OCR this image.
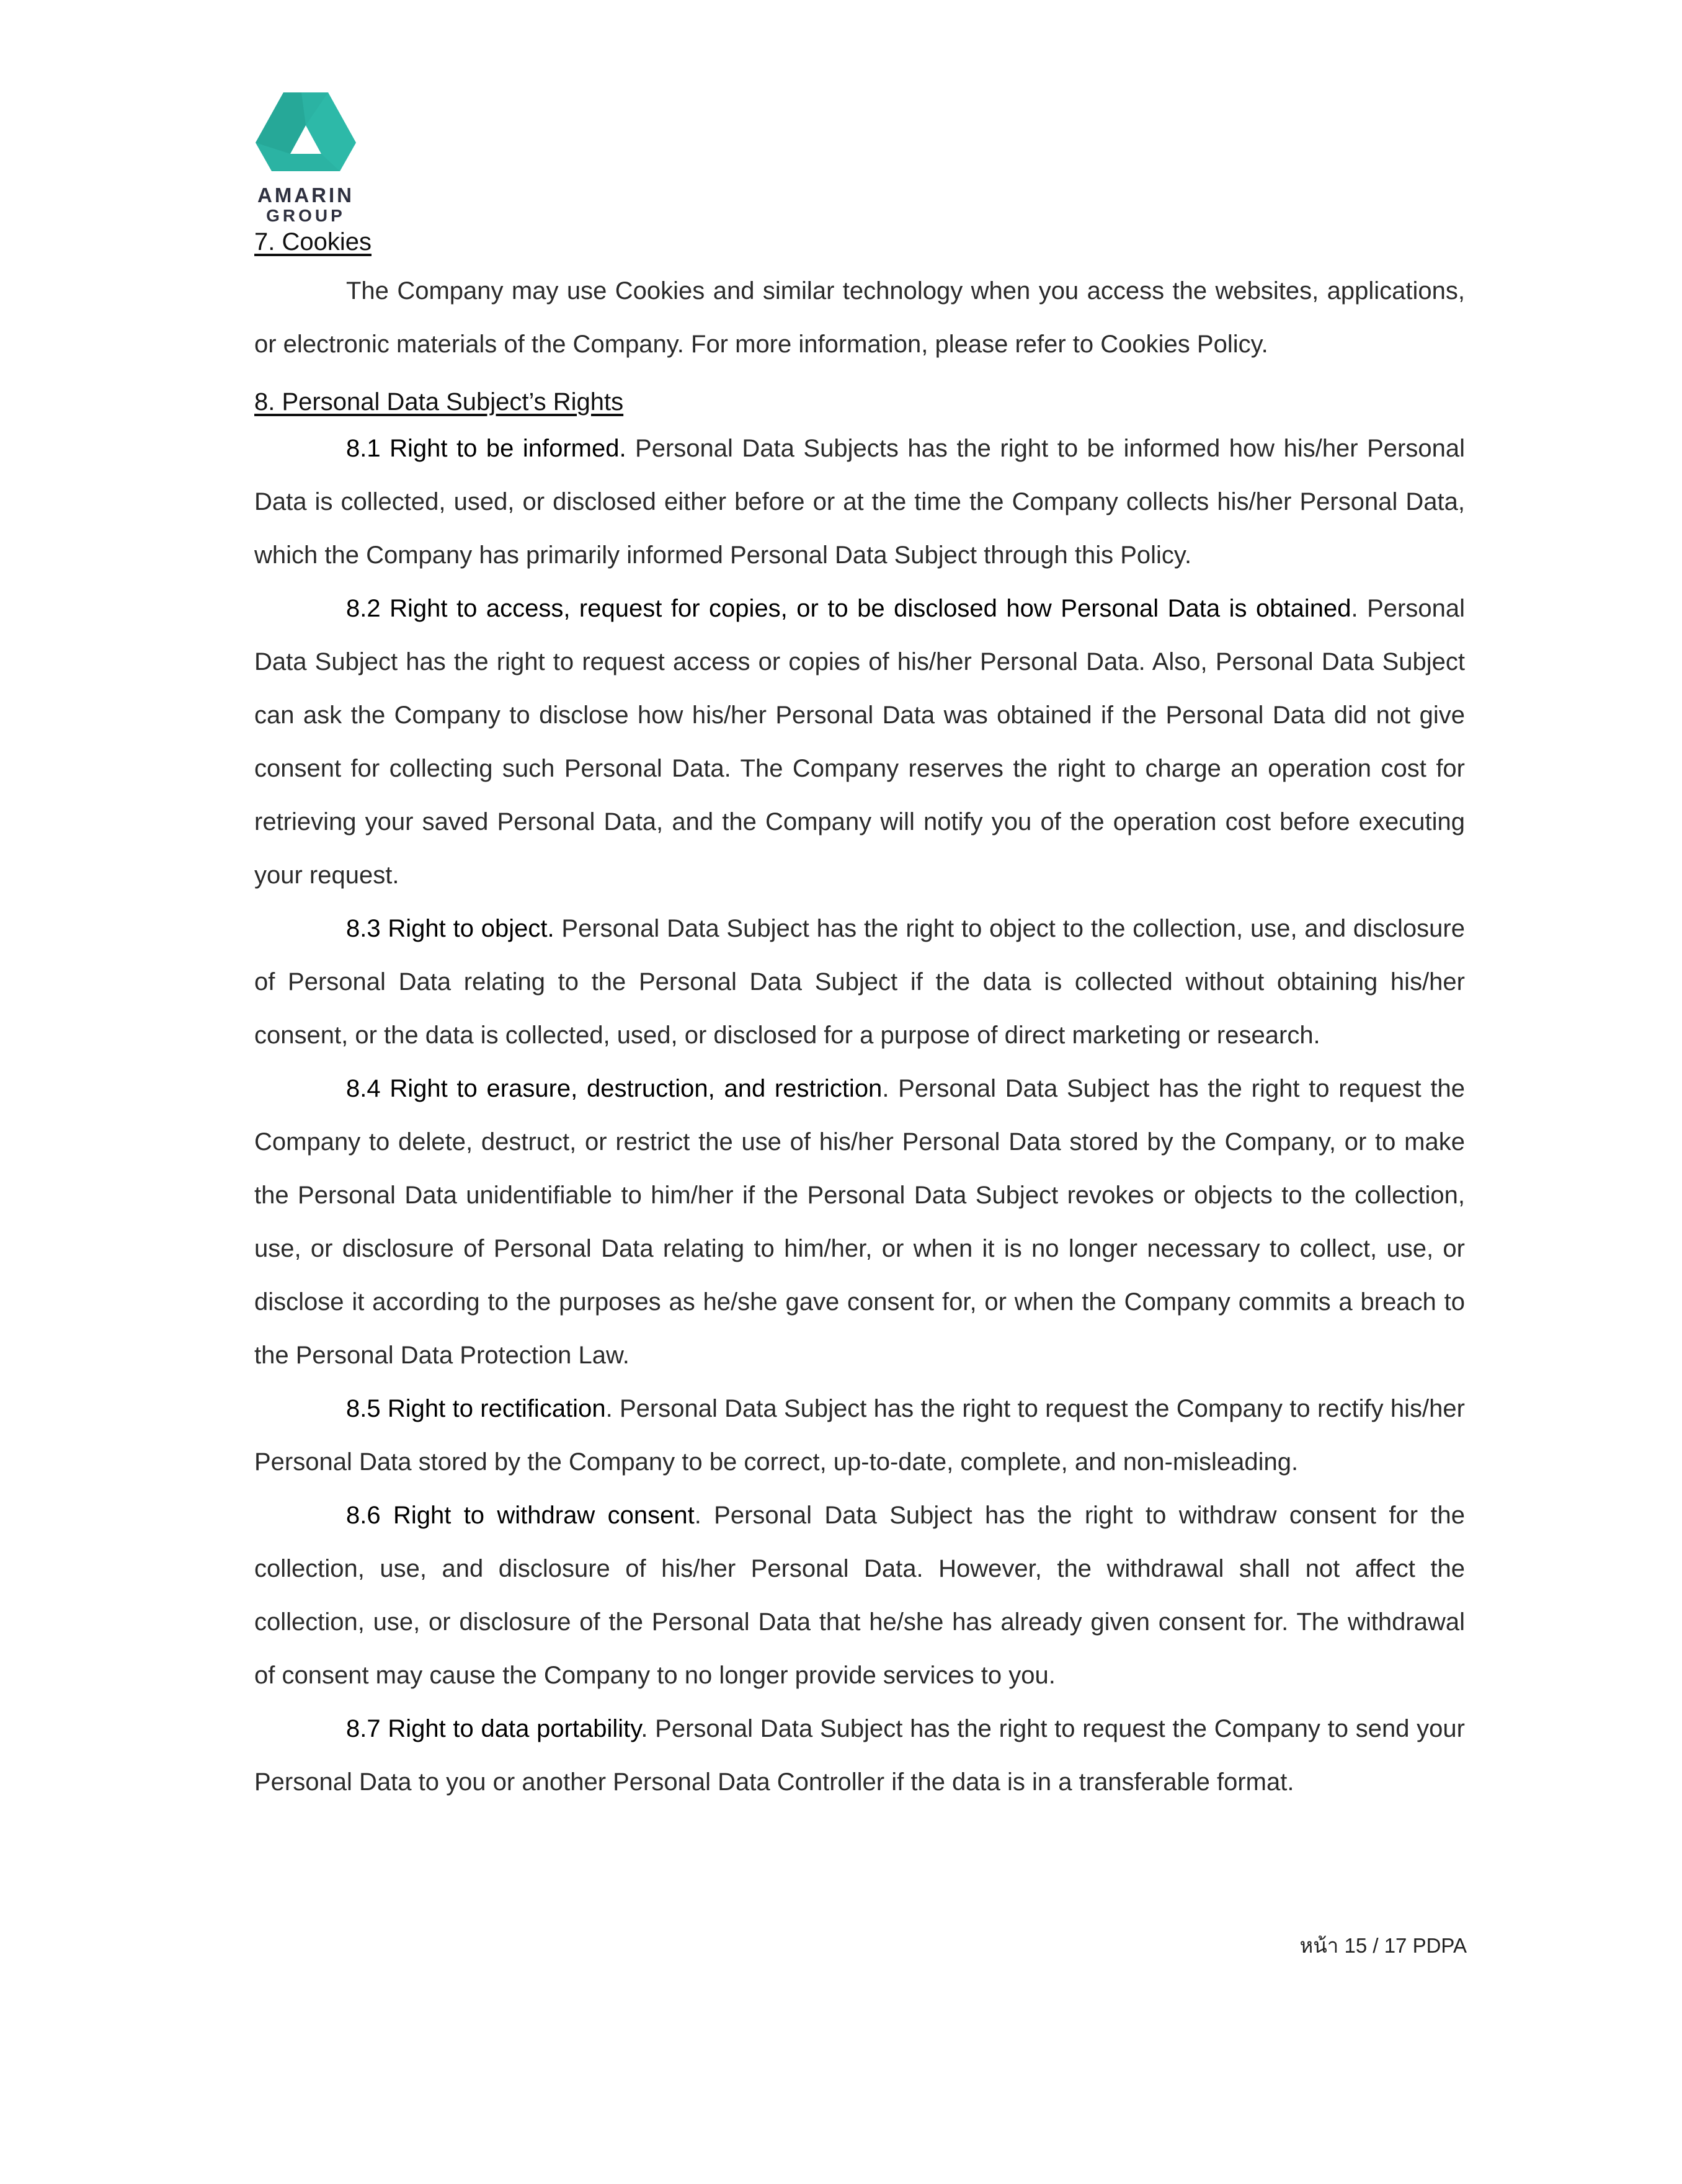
AMARIN
GROUP

7. Cookies

The Company may use Cookies and similar technology when you access the websites, applications, or electronic materials of the Company. For more information, please refer to Cookies Policy.

8. Personal Data Subject’s Rights

8.1 Right to be informed. Personal Data Subjects has the right to be informed how his/her Personal Data is collected, used, or disclosed either before or at the time the Company collects his/her Personal Data, which the Company has primarily informed Personal Data Subject through this Policy.

8.2 Right to access, request for copies, or to be disclosed how Personal Data is obtained. Personal Data Subject has the right to request access or copies of his/her Personal Data. Also, Personal Data Subject can ask the Company to disclose how his/her Personal Data was obtained if the Personal Data did not give consent for collecting such Personal Data. The Company reserves the right to charge an operation cost for retrieving your saved Personal Data, and the Company will notify you of the operation cost before executing your request.

8.3 Right to object. Personal Data Subject has the right to object to the collection, use, and disclosure of Personal Data relating to the Personal Data Subject if the data is collected without obtaining his/her consent, or the data is collected, used, or disclosed for a purpose of direct marketing or research.

8.4 Right to erasure, destruction, and restriction. Personal Data Subject has the right to request the Company to delete, destruct, or restrict the use of his/her Personal Data stored by the Company, or to make the Personal Data unidentifiable to him/her if the Personal Data Subject revokes or objects to the collection, use, or disclosure of Personal Data relating to him/her, or when it is no longer necessary to collect, use, or disclose it according to the purposes as he/she gave consent for, or when the Company commits a breach to the Personal Data Protection Law.

8.5 Right to rectification. Personal Data Subject has the right to request the Company to rectify his/her Personal Data stored by the Company to be correct, up-to-date, complete, and non-misleading.

8.6 Right to withdraw consent. Personal Data Subject has the right to withdraw consent for the collection, use, and disclosure of his/her Personal Data. However, the withdrawal shall not affect the collection, use, or disclosure of the Personal Data that he/she has already given consent for. The withdrawal of consent may cause the Company to no longer provide services to you.

8.7 Right to data portability. Personal Data Subject has the right to request the Company to send your Personal Data to you or another Personal Data Controller if the data is in a transferable format.

หน้า 15 / 17 PDPA
